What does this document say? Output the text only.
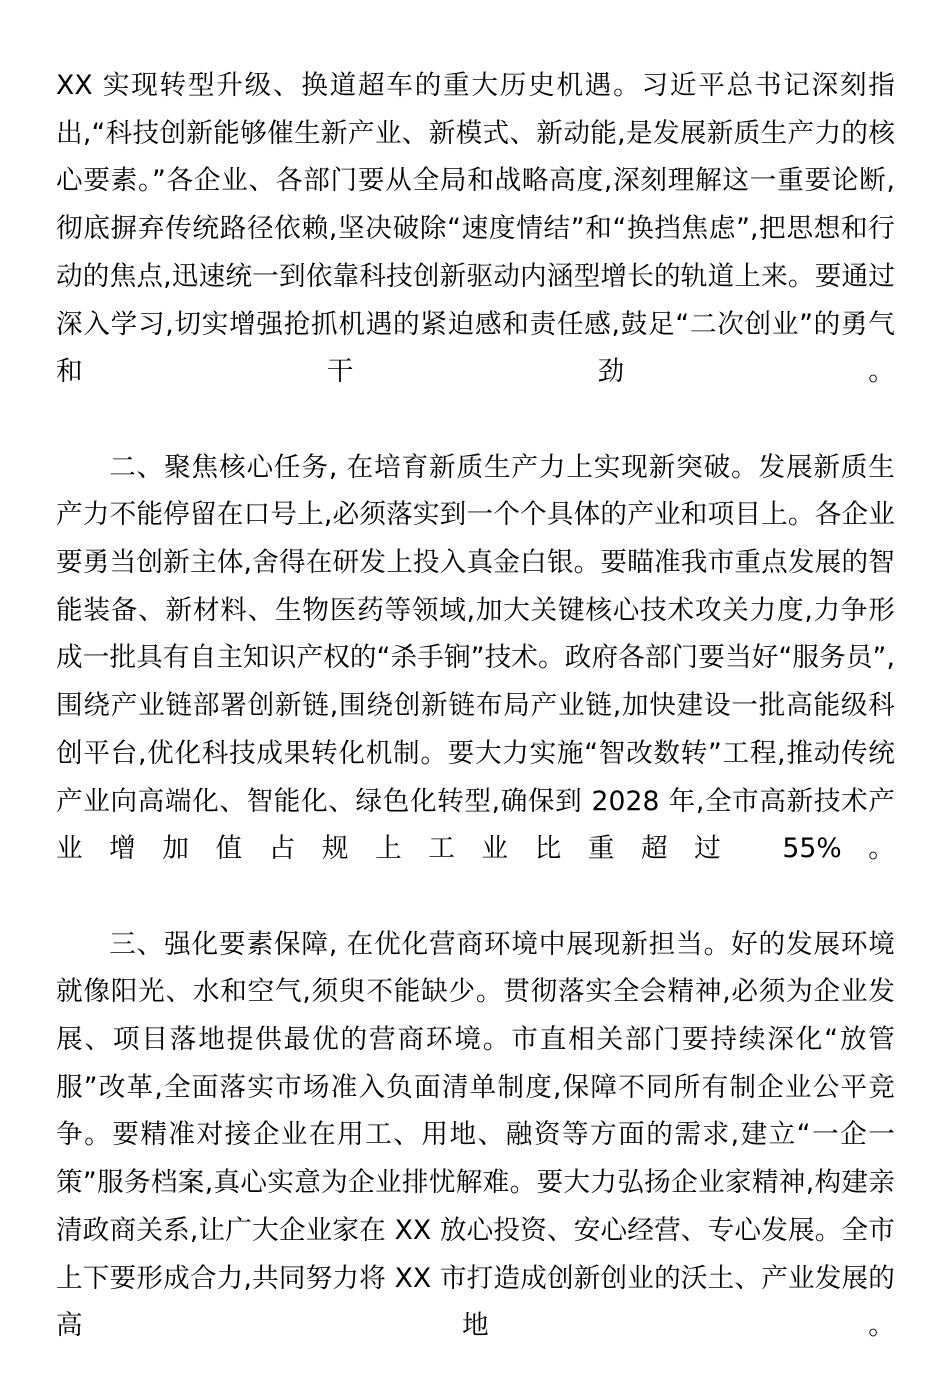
XX 实现转型升级、换道超车的重大历史机遇。习近平总书记深刻指出,“科技创新能够催生新产业、新模式、新动能,是发展新质生产力的核心要素。”各企业、各部门要从全局和战略高度,深刻理解这一重要论断,彻底摒弃传统路径依赖,坚决破除“速度情结”和“换挡焦虑”,把思想和行动的焦点,迅速统一到依靠科技创新驱动内涵型增长的轨道上来。要通过深入学习,切实增强抢抓机遇的紧迫感和责任感,鼓足“二次创业”的勇气和干劲。

二、聚焦核心任务, 在培育新质生产力上实现新突破。发展新质生产力不能停留在口号上,必须落实到一个个具体的产业和项目上。各企业要勇当创新主体,舍得在研发上投入真金白银。要瞄准我市重点发展的智能装备、新材料、生物医药等领域,加大关键核心技术攻关力度,力争形成一批具有自主知识产权的“杀手锏”技术。政府各部门要当好“服务员”,围绕产业链部署创新链,围绕创新链布局产业链,加快建设一批高能级科创平台,优化科技成果转化机制。要大力实施“智改数转”工程,推动传统产业向高端化、智能化、绿色化转型,确保到 2028 年,全市高新技术产业增加值占规上工业比重超过 55%。

三、强化要素保障, 在优化营商环境中展现新担当。好的发展环境就像阳光、水和空气,须臾不能缺少。贯彻落实全会精神,必须为企业发展、项目落地提供最优的营商环境。市直相关部门要持续深化“放管服”改革,全面落实市场准入负面清单制度,保障不同所有制企业公平竞争。要精准对接企业在用工、用地、融资等方面的需求,建立“一企一策”服务档案,真心实意为企业排忧解难。要大力弘扬企业家精神,构建亲清政商关系,让广大企业家在 XX 放心投资、安心经营、专心发展。全市上下要形成合力,共同努力将 XX 市打造成创新创业的沃土、产业发展的高地。
